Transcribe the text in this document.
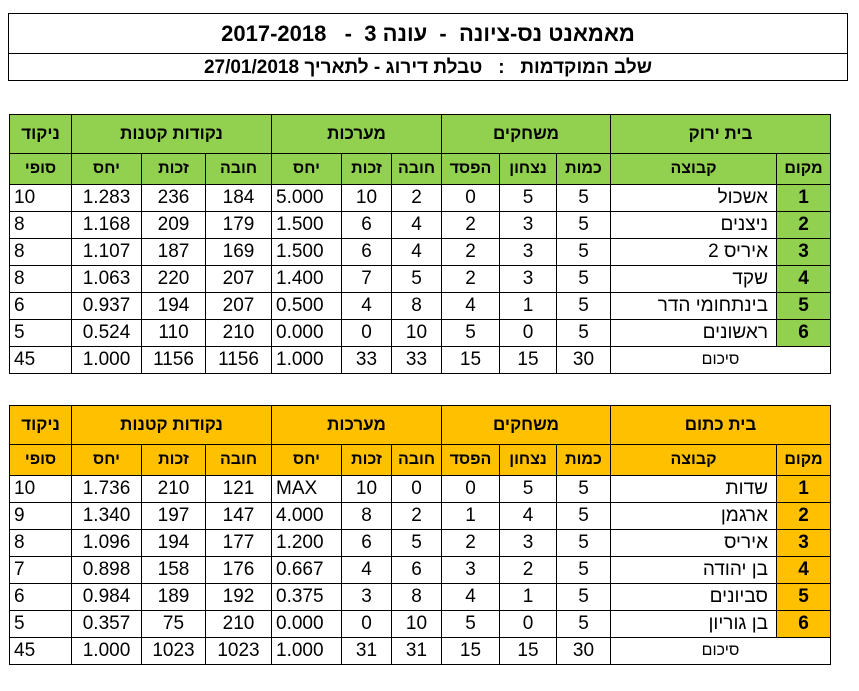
מאמאנט נס-ציונה  -  עונה 3  -   2017-2018
שלב המוקדמות   :   טבלת דירוג - לתאריך 27/01/2018
ניקוד	נקודות קטנות			מערכות			משחקים			בית ירוק	
סופי	יחס	זכות	חובה	יחס	זכות	חובה	הפסד	נצחון	כמות	קבוצה	מקום
10	1.283	236	184	5.000	10	2	0	5	5	אשכול	1
8	1.168	209	179	1.500	6	4	2	3	5	ניצנים	2
8	1.107	187	169	1.500	6	4	2	3	5	איריס 2	3
8	1.063	220	207	1.400	7	5	2	3	5	שקד	4
6	0.937	194	207	0.500	4	8	4	1	5	בינתחומי הדר	5
5	0.524	110	210	0.000	0	10	5	0	5	ראשונים	6
45	1.000	1156	1156	1.000	33	33	15	15	30	סיכום	
ניקוד	נקודות קטנות			מערכות			משחקים			בית כתום	
סופי	יחס	זכות	חובה	יחס	זכות	חובה	הפסד	נצחון	כמות	קבוצה	מקום
10	1.736	210	121	MAX	10	0	0	5	5	שדות	1
9	1.340	197	147	4.000	8	2	1	4	5	ארגמן	2
8	1.096	194	177	1.200	6	5	2	3	5	איריס	3
7	0.898	158	176	0.667	4	6	3	2	5	בן יהודה	4
6	0.984	189	192	0.375	3	8	4	1	5	סביונים	5
5	0.357	75	210	0.000	0	10	5	0	5	בן גוריון	6
45	1.000	1023	1023	1.000	31	31	15	15	30	סיכום	
